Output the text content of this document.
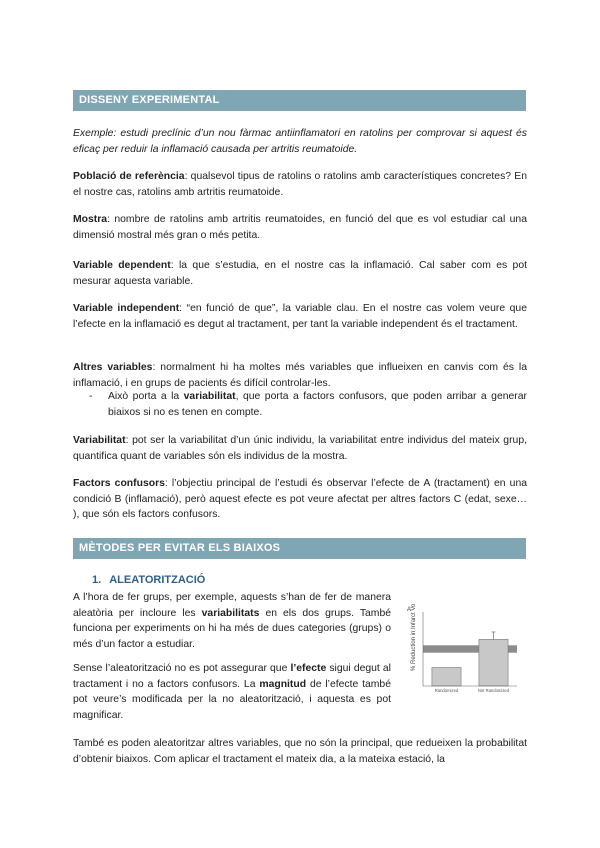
DISSENY EXPERIMENTAL

Exemple: estudi preclínic d’un nou fàrmac antiinflamatori en ratolins per comprovar si aquest és eficaç per reduir la inflamació causada per artritis reumatoide.

Població de referència: qualsevol tipus de ratolins o ratolins amb característiques concretes? En el nostre cas, ratolins amb artritis reumatoide.

Mostra: nombre de ratolins amb artritis reumatoides, en funció del que es vol estudiar cal una dimensió mostral més gran o més petita.

Variable dependent: la que s’estudia, en el nostre cas la inflamació. Cal saber com es pot mesurar aquesta variable.

Variable independent: “en funció de que”, la variable clau. En el nostre cas volem veure que l’efecte en la inflamació es degut al tractament, per tant la variable independent és el tractament.

Altres variables: normalment hi ha moltes més variables que influeixen en canvis com és la inflamació, i en grups de pacients és difícil controlar-les.

- Això porta a la variabilitat, que porta a factors confusors, que poden arribar a generar biaixos si no es tenen en compte.

Variabilitat: pot ser la variabilitat d’un únic individu, la variabilitat entre individus del mateix grup, quantifica quant de variables són els individus de la mostra.

Factors confusors: l’objectiu principal de l’estudi és observar l’efecte de A (tractament) en una condició B (inflamació), però aquest efecte es pot veure afectat per altres factors C (edat, sexe… ), que són els factors confusors.

MÈTODES PER EVITAR ELS BIAIXOS

1. ALEATORITZACIÓ

A l’hora de fer grups, per exemple, aquests s’han de fer de manera aleatòria per incloure les variabilitats en els dos grups. També funciona per experiments on hi ha més de dues categories (grups) o més d’un factor a estudiar.

Sense l’aleatorització no es pot assegurar que l’efecte sigui degut al tractament i no a factors confusors. La magnitud de l’efecte també pot veure’s modificada per la no aleatorització, i aquesta es pot magnificar.

També es poden aleatoritzar altres variables, que no són la principal, que redueixen la probabilitat d’obtenir biaixos. Com aplicar el tractament el mateix dia, a la mateixa estació, la

A % Reduction in Infarct Volume
Randomized	Not Randomized
